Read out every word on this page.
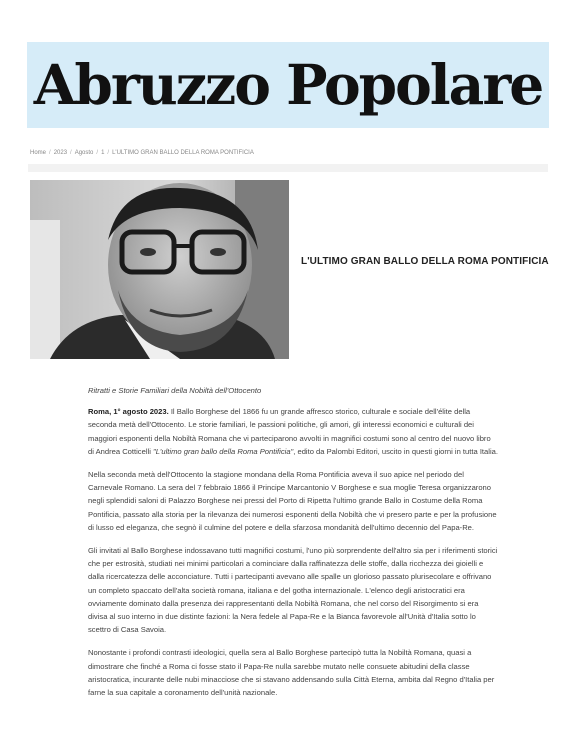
Abruzzo Popolare
Home / 2023 / Agosto / 1 / L'ULTIMO GRAN BALLO DELLA ROMA PONTIFICIA
L'ULTIMO GRAN BALLO DELLA ROMA PONTIFICIA
Ritratti e Storie Familiari della Nobiltà dell'Ottocento

Roma, 1° agosto 2023. Il Ballo Borghese del 1866 fu un grande affresco storico, culturale e sociale dell'élite della seconda metà dell'Ottocento. Le storie familiari, le passioni politiche, gli amori, gli interessi economici e culturali dei maggiori esponenti della Nobiltà Romana che vi parteciparono avvolti in magnifici costumi sono al centro del nuovo libro di Andrea Cotticelli "L'ultimo gran ballo della Roma Pontificia", edito da Palombi Editori, uscito in questi giorni in tutta Italia.

Nella seconda metà dell'Ottocento la stagione mondana della Roma Pontificia aveva il suo apice nel periodo del Carnevale Romano. La sera del 7 febbraio 1866 il Principe Marcantonio V Borghese e sua moglie Teresa organizzarono negli splendidi saloni di Palazzo Borghese nei pressi del Porto di Ripetta l'ultimo grande Ballo in Costume della Roma Pontificia, passato alla storia per la rilevanza dei numerosi esponenti della Nobiltà che vi presero parte e per la profusione di lusso ed eleganza, che segnò il culmine del potere e della sfarzosa mondanità dell'ultimo decennio del Papa-Re.

Gli invitati al Ballo Borghese indossavano tutti magnifici costumi, l'uno più sorprendente dell'altro sia per i riferimenti storici che per estrosità, studiati nei minimi particolari a cominciare dalla raffinatezza delle stoffe, dalla ricchezza dei gioielli e dalla ricercatezza delle acconciature. Tutti i partecipanti avevano alle spalle un glorioso passato plurisecolare e offrivano un completo spaccato dell'alta società romana, italiana e del gotha internazionale. L'elenco degli aristocratici era ovviamente dominato dalla presenza dei rappresentanti della Nobiltà Romana, che nel corso del Risorgimento si era divisa al suo interno in due distinte fazioni: la Nera fedele al Papa-Re e la Bianca favorevole all'Unità d'Italia sotto lo scettro di Casa Savoia.

Nonostante i profondi contrasti ideologici, quella sera al Ballo Borghese partecipò tutta la Nobiltà Romana, quasi a dimostrare che finché a Roma ci fosse stato il Papa-Re nulla sarebbe mutato nelle consuete abitudini della classe aristocratica, incurante delle nubi minacciose che si stavano addensando sulla Città Eterna, ambita dal Regno d'Italia per farne la sua capitale a coronamento dell'unità nazionale.
